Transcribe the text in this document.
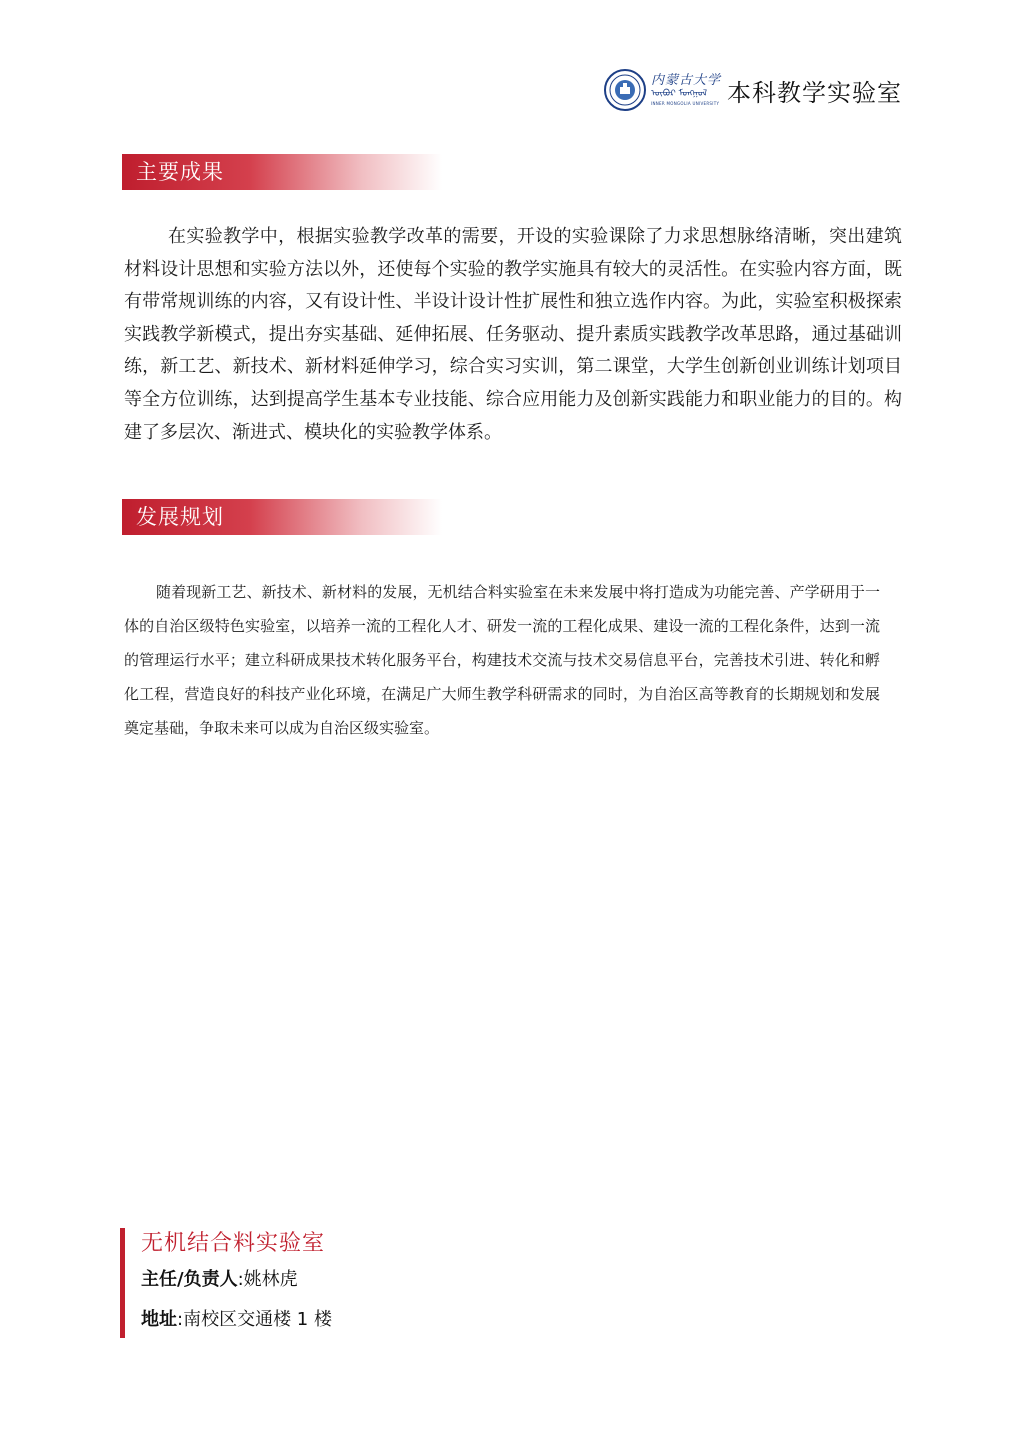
内蒙古大学
ᠦᠪᠦᠷ ᠮᠣᠩᠭᠣᠯ
INNER MONGOLIA UNIVERSITY 本科教学实验室
主要成果

在实验教学中，根据实验教学改革的需要，开设的实验课除了力求思想脉络清晰，突出建筑材料设计思想和实验方法以外，还使每个实验的教学实施具有较大的灵活性。在实验内容方面，既有带常规训练的内容，又有设计性、半设计设计性扩展性和独立选作内容。为此，实验室积极探索实践教学新模式，提出夯实基础、延伸拓展、任务驱动、提升素质实践教学改革思路，通过基础训练，新工艺、新技术、新材料延伸学习，综合实习实训，第二课堂，大学生创新创业训练计划项目等全方位训练，达到提高学生基本专业技能、综合应用能力及创新实践能力和职业能力的目的。构建了多层次、渐进式、模块化的实验教学体系。

发展规划

随着现新工艺、新技术、新材料的发展，无机结合料实验室在未来发展中将打造成为功能完善、产学研用于一体的自治区级特色实验室，以培养一流的工程化人才、研发一流的工程化成果、建设一流的工程化条件，达到一流的管理运行水平；建立科研成果技术转化服务平台，构建技术交流与技术交易信息平台，完善技术引进、转化和孵化工程，营造良好的科技产业化环境，在满足广大师生教学科研需求的同时，为自治区高等教育的长期规划和发展奠定基础，争取未来可以成为自治区级实验室。

无机结合料实验室
主任/负责人:姚林虎
地址:南校区交通楼 1 楼
